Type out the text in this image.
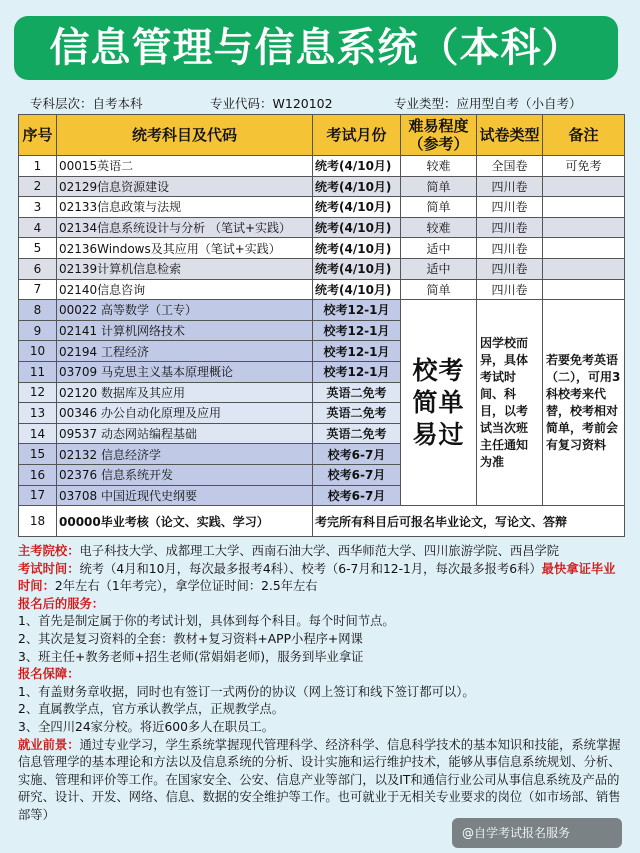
信息管理与信息系统（本科）
专科层次：自考本科	专业代码：W120102	专业类型：应用型自考（小自考）
序号	统考科目及代码	考试月份	难易程度（参考）	试卷类型	备注
1	00015英语二	统考(4/10月)	较难	全国卷	可免考
2	02129信息资源建设	统考(4/10月)	简单	四川卷	
3	02133信息政策与法规	统考(4/10月)	简单	四川卷	
4	02134信息系统设计与分析 （笔试+实践）	统考(4/10月)	较难	四川卷	
5	02136Windows及其应用（笔试+实践）	统考(4/10月)	适中	四川卷	
6	02139计算机信息检索	统考(4/10月)	适中	四川卷	
7	02140信息咨询	统考(4/10月)	简单	四川卷	
8	00022 高等数学（工专）	校考12-1月	校考简单易过	因学校而异，具体考试时间、科目，以考试当次班主任通知为准	若要免考英语（二），可用3科校考来代替，校考相对简单，考前会有复习资料
9	02141 计算机网络技术	校考12-1月			
10	02194 工程经济	校考12-1月			
11	03709 马克思主义基本原理概论	校考12-1月			
12	02120 数据库及其应用	英语二免考			
13	00346 办公自动化原理及应用	英语二免考			
14	09537 动态网站编程基础	英语二免考			
15	02132 信息经济学	校考6-7月			
16	02376 信息系统开发	校考6-7月			
17	03708 中国近现代史纲要	校考6-7月			
18	00000毕业考核（论文、实践、学习）	考完所有科目后可报名毕业论文，写论文、答辩			

主考院校：电子科技大学、成都理工大学、西南石油大学、西华师范大学、四川旅游学院、西昌学院

考试时间：统考（4月和10月，每次最多报考4科）、校考（6-7月和12-1月，每次最多报考6科）最快拿证毕业时间：2年左右（1年考完），拿学位证时间：2.5年左右

报名后的服务：

1、首先是制定属于你的考试计划，具体到每个科目。每个时间节点。

2、其次是复习资料的全套：教材+复习资料+APP小程序+网课

3、班主任+教务老师+招生老师(常娟娟老师)，服务到毕业拿证

报名保障：

1、有盖财务章收据，同时也有签订一式两份的协议（网上签订和线下签订都可以）。

2、直属教学点，官方承认教学点，正规教学点。

3、全四川24家分校。将近600多人在职员工。

就业前景：通过专业学习，学生系统掌握现代管理科学、经济科学、信息科学技术的基本知识和技能，系统掌握信息管理学的基本理论和方法以及信息系统的分析、设计实施和运行维护技术，能够从事信息系统规划、分析、实施、管理和评价等工作。在国家安全、公安、信息产业等部门，以及IT和通信行业公司从事信息系统及产品的研究、设计、开发、网络、信息、数据的安全维护等工作。也可就业于无相关专业要求的岗位（如市场部、销售部等）

@自学考试报名服务
